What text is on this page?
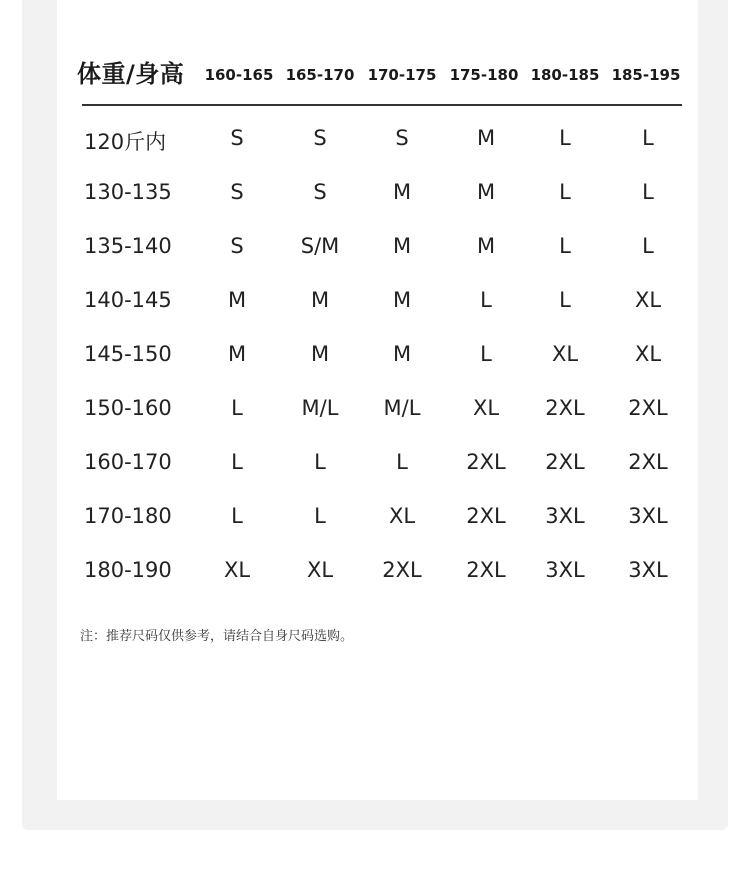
体重/身高	160-165 165-170 170-175 175-180 180-185 185-195
120斤内	S	S	S	M	L	L
130-135	S	S	M	M	L	L
135-140	S	S/M	M	M	L	L
140-145	M	M	M	L	L	XL
145-150	M	M	M	L	XL	XL
150-160	L	M/L	M/L	XL	2XL	2XL
160-170	L	L	L	2XL	2XL	2XL
170-180	L	L	XL	2XL	3XL	3XL
180-190	XL	XL	2XL	2XL	3XL	3XL
注：推荐尺码仅供参考，请结合自身尺码选购。
